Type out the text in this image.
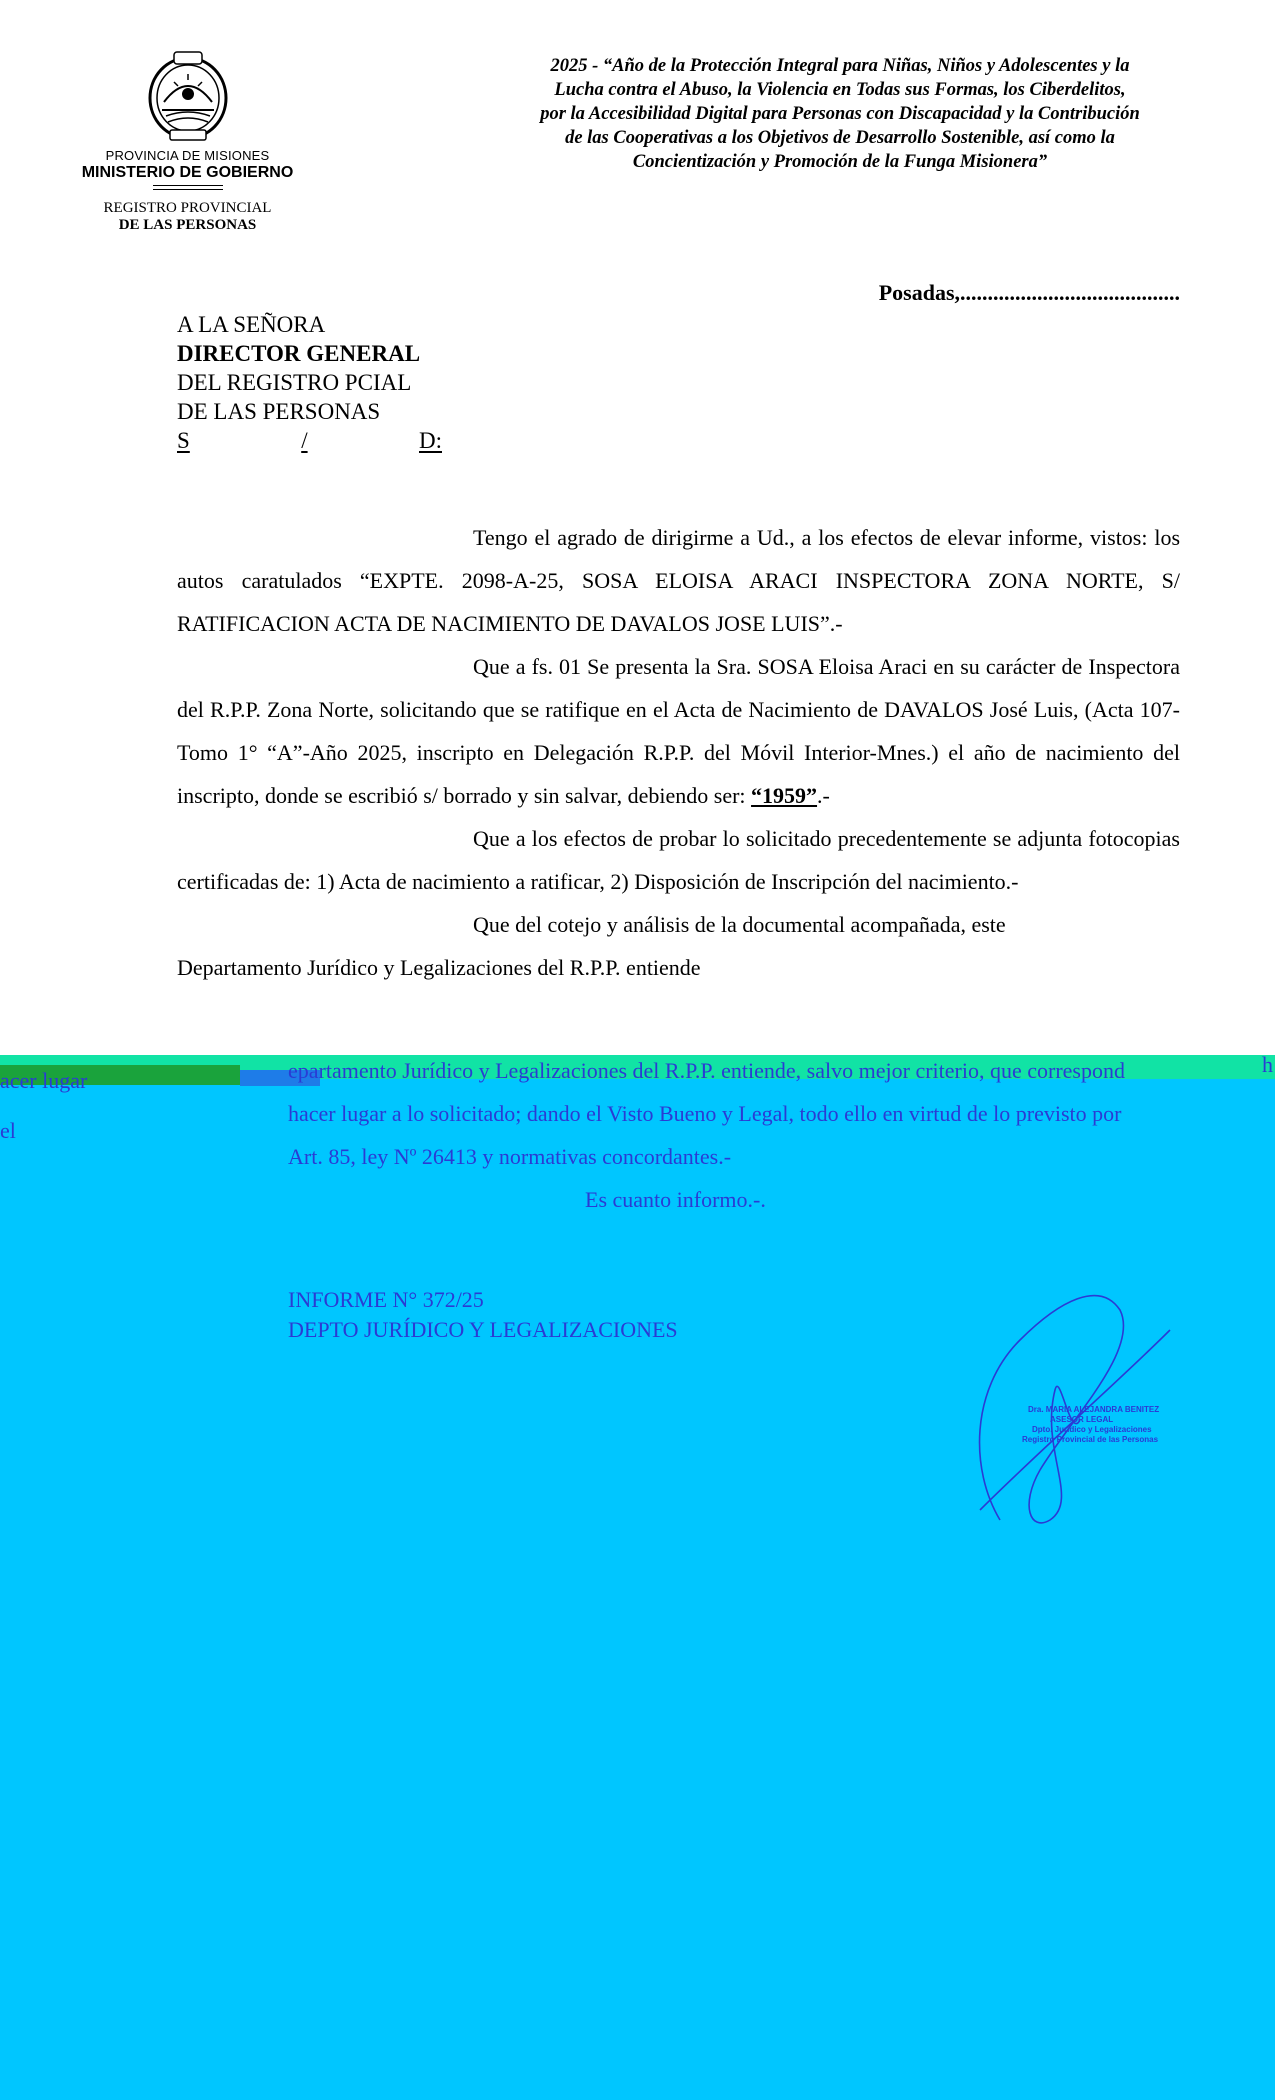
PROVINCIA DE MISIONES
MINISTERIO DE GOBIERNO
REGISTRO PROVINCIAL
DE LAS PERSONAS
2025 - “Año de la Protección Integral para Niñas, Niños y Adolescentes y la
Lucha contra el Abuso, la Violencia en Todas sus Formas, los Ciberdelitos,
por la Accesibilidad Digital para Personas con Discapacidad y la Contribución
de las Cooperativas a los Objetivos de Desarrollo Sostenible, así como la
Concientización y Promoción de la Funga Misionera”
Posadas,........................................
A LA SEÑORA
DIRECTOR GENERAL
DEL REGISTRO PCIAL
DE LAS PERSONAS
S	/	D:

Tengo el agrado de dirigirme a Ud., a los efectos de elevar informe, vistos: los autos caratulados “EXPTE. 2098-A-25, SOSA ELOISA ARACI INSPECTORA ZONA NORTE, S/ RATIFICACION ACTA DE NACIMIENTO DE DAVALOS JOSE LUIS”.-

Que a fs. 01 Se presenta la Sra. SOSA Eloisa Araci en su carácter de Inspectora del R.P.P. Zona Norte, solicitando que se ratifique en el Acta de Nacimiento de DAVALOS José Luis, (Acta 107-Tomo 1° “A”-Año 2025, inscripto en Delegación R.P.P. del Móvil Interior-Mnes.) el año de nacimiento del inscripto, donde se escribió s/ borrado y sin salvar, debiendo ser: “1959”.-

Que a los efectos de probar lo solicitado precedentemente se adjunta fotocopias certificadas de: 1) Acta de nacimiento a ratificar, 2) Disposición de Inscripción del nacimiento.-

Que del cotejo y análisis de la documental acompañada, este

Departamento Jurídico y Legalizaciones del R.P.P. entiende

acer lugar
el
h
epartamento Jurídico y Legalizaciones del R.P.P. entiende, salvo mejor criterio, que correspond
hacer lugar a lo solicitado; dando el Visto Bueno y Legal, todo ello en virtud de lo previsto por
Art. 85, ley Nº 26413 y normativas concordantes.-
Es cuanto informo.-.
INFORME N° 372/25
DEPTO JURÍDICO Y LEGALIZACIONES
Dra. MARIA ALEJANDRA BENITEZ
ASESOR LEGAL
Dpto. Jurídico y Legalizaciones
Registro Provincial de las Personas
